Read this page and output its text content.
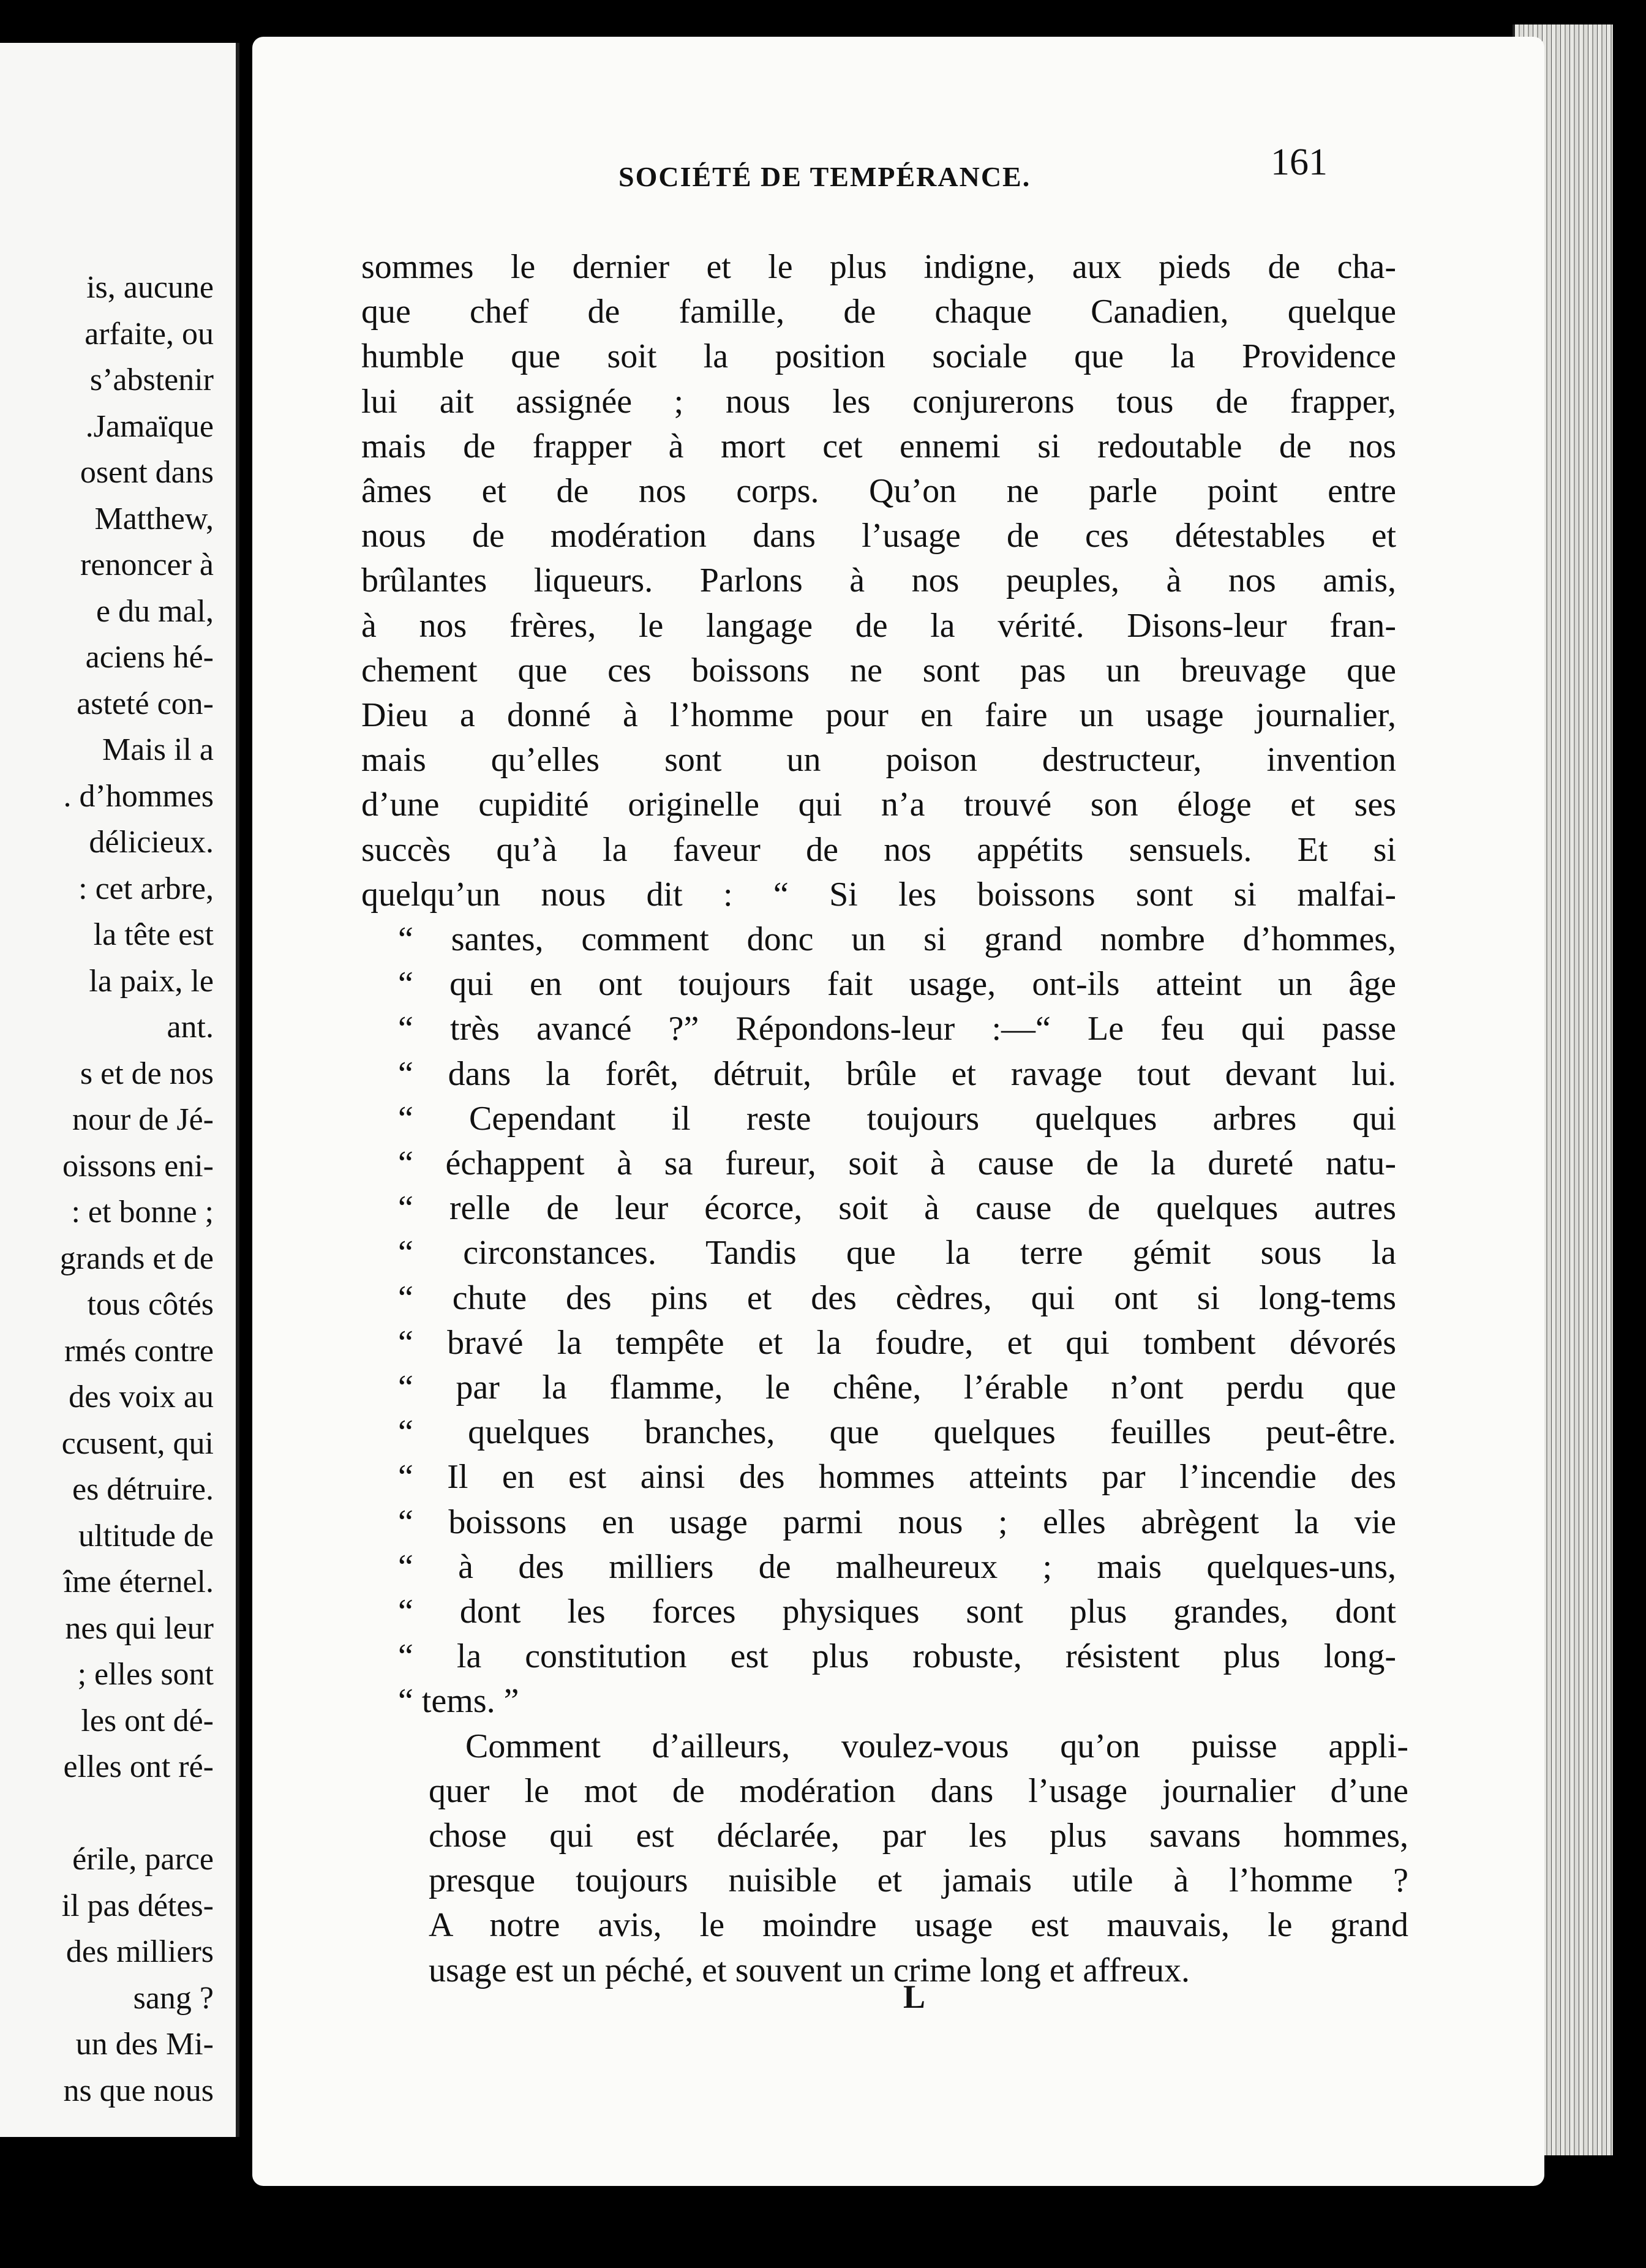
is, aucune
arfaite, ou
s’abstenir
.Jamaïque
osent dans
Matthew,
renoncer à
e du mal,
aciens hé-
asteté con-
Mais il a
. d’hommes
délicieux.
: cet arbre,
la tête est
la paix, le
ant.
s et de nos
nour de Jé-
oissons eni-
: et bonne ;
grands et de
tous côtés
rmés contre
des voix au
ccusent, qui
es détruire.
ultitude de
îme éternel.
nes qui leur
; elles sont
les ont dé-
elles ont ré-
érile, parce
il pas détes-
des milliers
sang ?
un des Mi-
ns que nous
SOCIÉTÉ DE TEMPÉRANCE.	161
sommes le dernier et le plus indigne, aux pieds de cha-
que chef de famille, de chaque Canadien, quelque
humble que soit la position sociale que la Providence
lui ait assignée ; nous les conjurerons tous de frapper,
mais de frapper à mort cet ennemi si redoutable de nos
âmes et de nos corps. Qu’on ne parle point entre
nous de modération dans l’usage de ces détestables et
brûlantes liqueurs. Parlons à nos peuples, à nos amis,
à nos frères, le langage de la vérité. Disons-leur fran-
chement que ces boissons ne sont pas un breuvage que
Dieu a donné à l’homme pour en faire un usage journalier,
mais qu’elles sont un poison destructeur, invention
d’une cupidité originelle qui n’a trouvé son éloge et ses
succès qu’à la faveur de nos appétits sensuels. Et si
quelqu’un nous dit : “ Si les boissons sont si malfai-
“ santes, comment donc un si grand nombre d’hommes,
“ qui en ont toujours fait usage, ont-ils atteint un âge
“ très avancé ?” Répondons-leur :—“ Le feu qui passe
“ dans la forêt, détruit, brûle et ravage tout devant lui.
“ Cependant il reste toujours quelques arbres qui
“ échappent à sa fureur, soit à cause de la dureté natu-
“ relle de leur écorce, soit à cause de quelques autres
“ circonstances. Tandis que la terre gémit sous la
“ chute des pins et des cèdres, qui ont si long-tems
“ bravé la tempête et la foudre, et qui tombent dévorés
“ par la flamme, le chêne, l’érable n’ont perdu que
“ quelques branches, que quelques feuilles peut-être.
“ Il en est ainsi des hommes atteints par l’incendie des
“ boissons en usage parmi nous ; elles abrègent la vie
“ à des milliers de malheureux ; mais quelques-uns,
“ dont les forces physiques sont plus grandes, dont
“ la constitution est plus robuste, résistent plus long-
“ tems. ”
Comment d’ailleurs, voulez-vous qu’on puisse appli-
quer le mot de modération dans l’usage journalier d’une
chose qui est déclarée, par les plus savans hommes,
presque toujours nuisible et jamais utile à l’homme ?
A notre avis, le moindre usage est mauvais, le grand
usage est un péché, et souvent un crime long et affreux.
L
